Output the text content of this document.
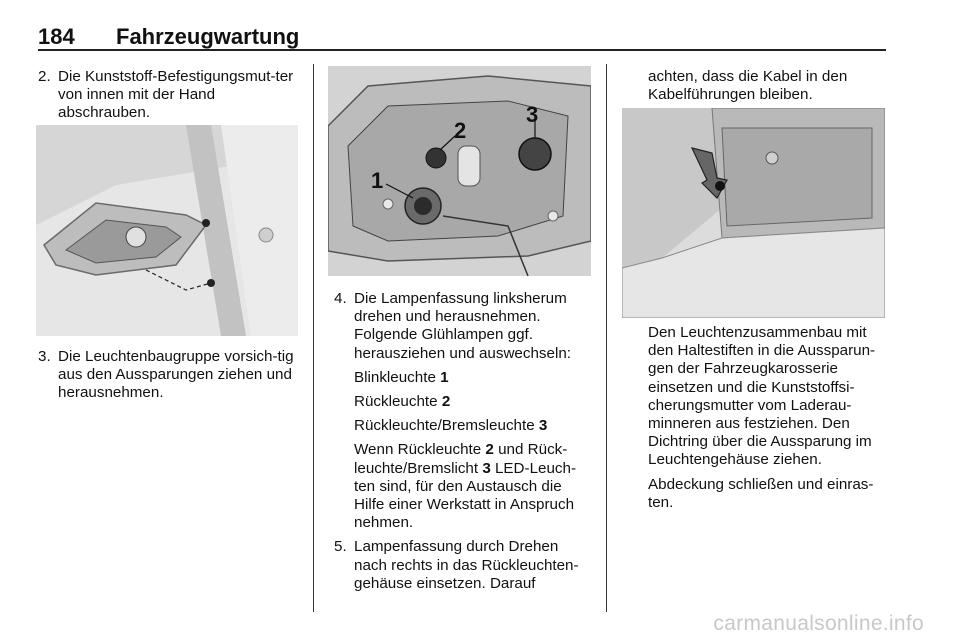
184 Fahrzeugwartung
2. Die Kunststoff-Befestigungsmut-ter von innen mit der Hand abschrauben.
3. Die Leuchtenbaugruppe vorsich-tig aus den Aussparungen ziehen und herausnehmen.
1
2
3
4. Die Lampenfassung linksherum drehen und herausnehmen. Folgende Glühlampen ggf. herausziehen und auswechseln:
Blinkleuchte 1
Rückleuchte 2
Rückleuchte/Bremsleuchte 3
Wenn Rückleuchte 2 und Rück-leuchte/Bremslicht 3 LED-Leuch-ten sind, für den Austausch die Hilfe einer Werkstatt in Anspruch nehmen.
5. Lampenfassung durch Drehen nach rechts in das Rückleuchten-gehäuse einsetzen. Darauf
achten, dass die Kabel in den Kabelführungen bleiben.
Den Leuchtenzusammenbau mit den Haltestiften in die Aussparun-gen der Fahrzeugkarosserie einsetzen und die Kunststoffsi-cherungsmutter vom Laderau-minneren aus festziehen. Den Dichtring über die Aussparung im Leuchtengehäuse ziehen.
Abdeckung schließen und einras-ten.
carmanualsonline.info
